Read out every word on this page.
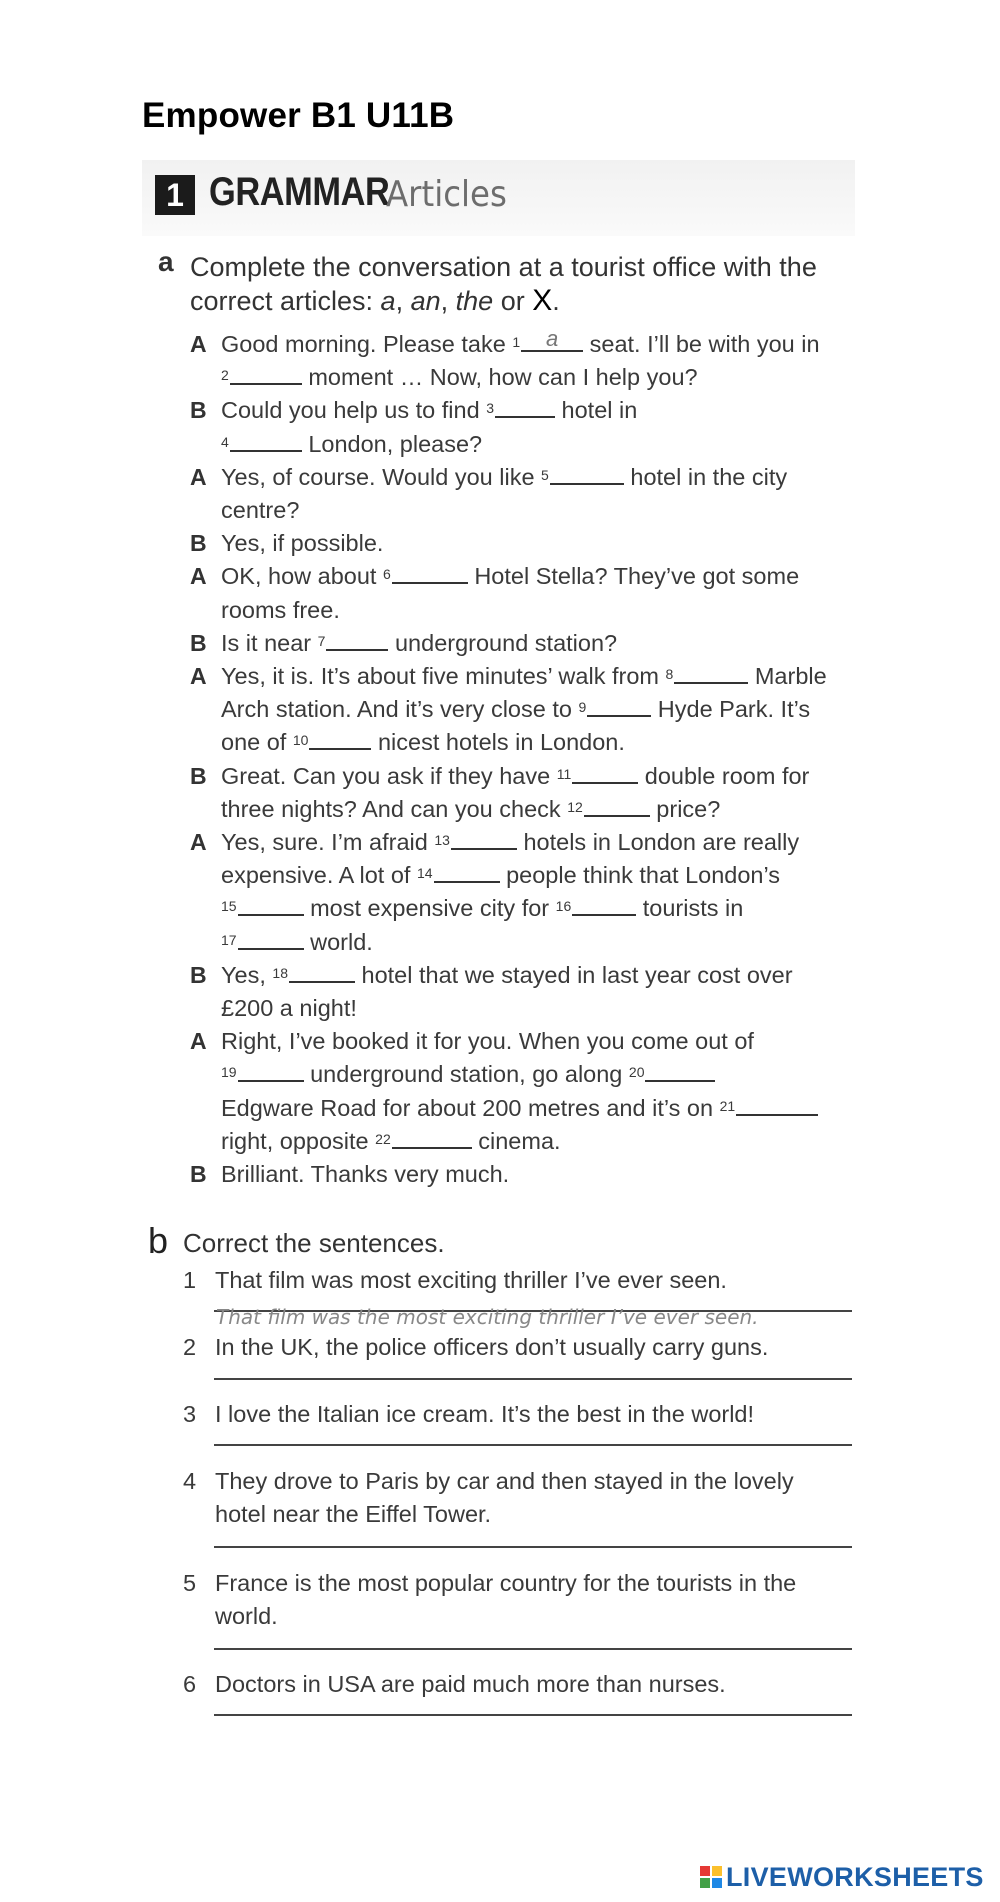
Empower B1 U11B
1 GRAMMAR
Articles
a Complete the conversation at a tourist office with the
correct articles: a, an, the or X.
A Good morning. Please take $^1$	a	seat. I’ll be with you in
$^2$	moment … Now, how can I help you?
B Could you help us to find $^3$	hotel in
$^4$	London, please?
A Yes, of course. Would you like $^5$	hotel in the city
centre?
B Yes, if possible.
A OK, how about $^6$	Hotel Stella? They’ve got some
rooms free.
B Is it near $^7$	underground station?
A Yes, it is. It’s about five minutes’ walk from $^8$	Marble
Arch station. And it’s very close to $^9$	Hyde Park. It’s
one of $^{10}$	nicest hotels in London.
B Great. Can you ask if they have $^{11}$	double room for
three nights? And can you check $^{12}$	price?
A Yes, sure. I’m afraid $^{13}$	hotels in London are really
expensive. A lot of $^{14}$	people think that London’s
$^{15}$	most expensive city for $^{16}$	tourists in
$^{17}$	world.
B Yes, $^{18}$	hotel that we stayed in last year cost over
£200 a night!
A Right, I’ve booked it for you. When you come out of
$^{19}$	underground station, go along $^{20}$
Edgware Road for about 200 metres and it’s on $^{21}$
right, opposite $^{22}$	cinema.
B Brilliant. Thanks very much.
b Correct the sentences.
1 That film was most exciting thriller I’ve ever seen.
2 In the UK, the police officers don’t usually carry guns.
3 I love the Italian ice cream. It’s the best in the world!
4 They drove to Paris by car and then stayed in the lovely
hotel near the Eiffel Tower.
5 France is the most popular country for the tourists in the
world.
6 Doctors in USA are paid much more than nurses.
That film was the most exciting thriller I’ve ever seen.
LIVEWORKSHEETS
